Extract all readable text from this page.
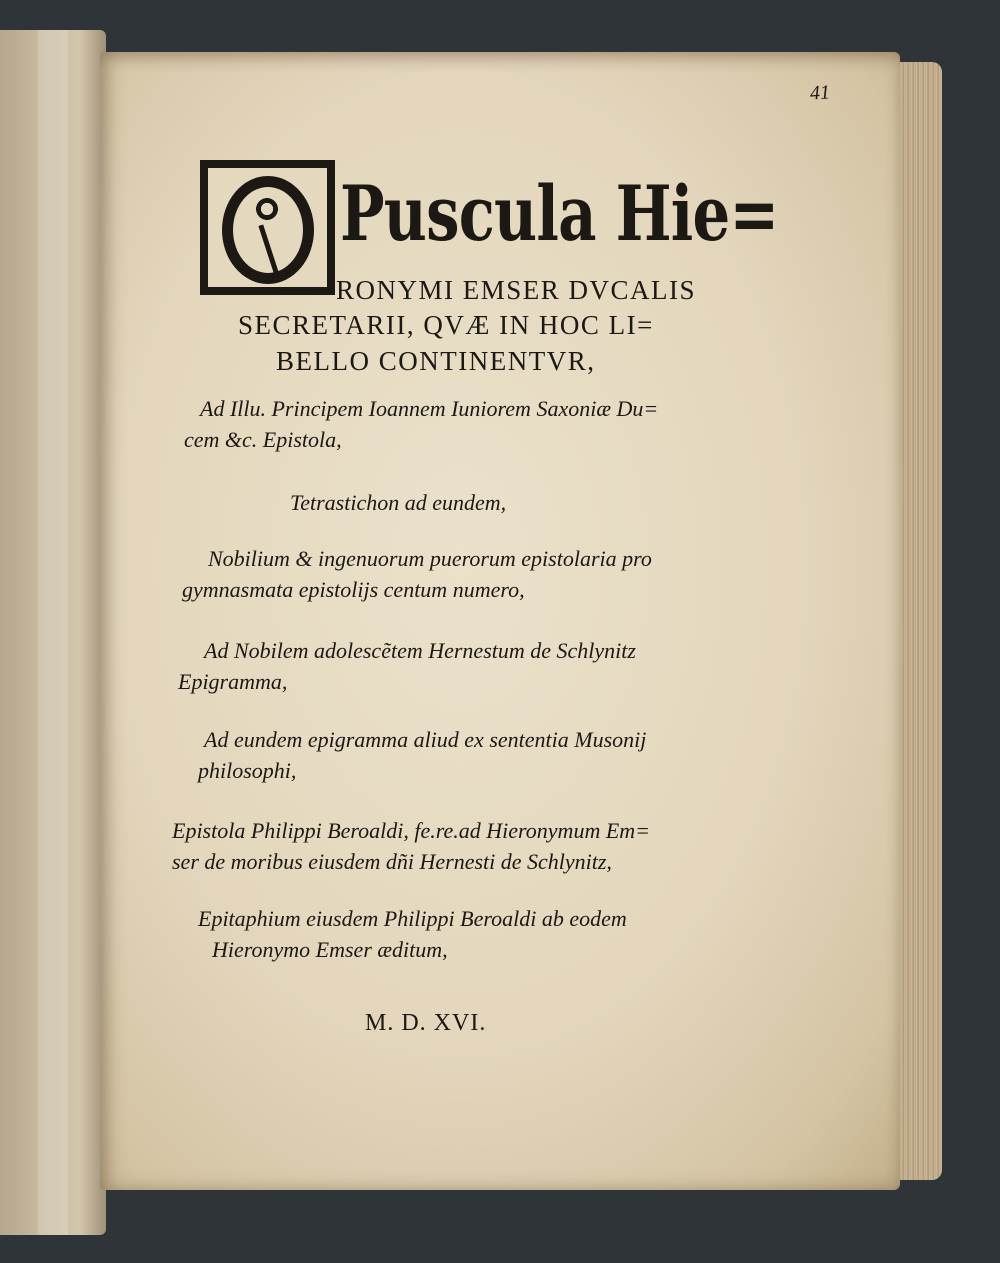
41
Puscula Hie=
RONYMI EMSER DVCALIS
SECRETARII, QVÆ IN HOC LI=
BELLO CONTINENTVR,
Ad Illu. Principem Ioannem Iuniorem Saxoniæ Du=
cem &c. Epistola,
Tetrastichon ad eundem,
Nobilium & ingenuorum puerorum epistolaria pro
gymnasmata epistolijs centum numero,
Ad Nobilem adolescẽtem Hernestum de Schlynitz
Epigramma,
Ad eundem epigramma aliud ex sententia Musonij
philosophi,
Epistola Philippi Beroaldi, fe.re.ad Hieronymum Em=
ser de moribus eiusdem dñi Hernesti de Schlynitz,
Epitaphium eiusdem Philippi Beroaldi ab eodem
Hieronymo Emser æditum,
M. D. XVI.
